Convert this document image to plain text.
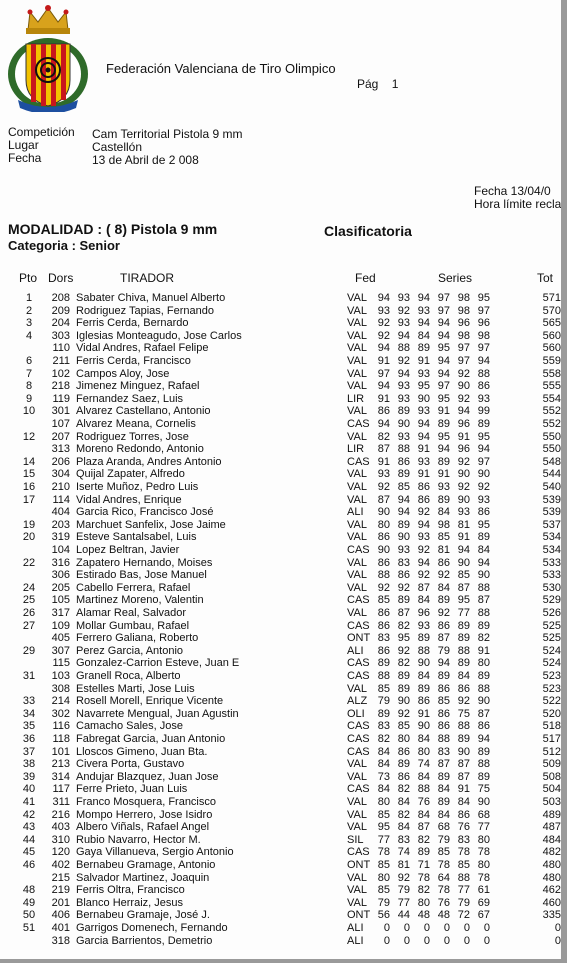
Federación Valenciana de Tiro Olimpico
Pág 1
Competición Cam Territorial Pistola 9 mm
Lugar	Castellón
Fecha	13 de Abril de 2 008
Fecha 13/04/0
Hora límite recla
MODALIDAD : ( 8) Pistola 9 mm	Clasificatoria
Categoria : Senior
Pto Dors	TIRADOR	Fed	Series	Tot
1	208 Sabater Chiva, Manuel Alberto	VAL 94 93 94 97 98 95	571
2	209 Rodriguez Tapias, Fernando	VAL 93 92 93 97 98 97	570
3	204 Ferris Cerda, Bernardo	VAL 92 93 94 94 96 96	565
4	303 Iglesias Monteagudo, Jose Carlos	VAL 92 94 84 94 98 98	560
110 Vidal Andres, Rafael Felipe	VAL 94 88 89 95 97 97	560
6	211 Ferris Cerda, Francisco	VAL 91 92 91 94 97 94	559
7	102 Campos Aloy, Jose	VAL 97 94 93 94 92 88	558
8	218 Jimenez Minguez, Rafael	VAL 94 93 95 97 90 86	555
9	119 Fernandez Saez, Luis	LIR	91 93 90 95 92 93	554
10	301 Alvarez Castellano, Antonio	VAL 86 89 93 91 94 99	552
107 Alvarez Meana, Cornelis	CAS 94 90 94 89 96 89	552
12	207 Rodriguez Torres, Jose	VAL 82 93 94 95 91 95	550
313 Moreno Redondo, Antonio	LIR	87 88 91 94 96 94	550
14	206 Plaza Aranda, Andres Antonio	CAS 91 86 93 89 92 97	548
15	304 Quijal Zapater, Alfredo	VAL 93 89 91 91 90 90	544
16	210 Iserte Muñoz, Pedro Luis	VAL 92 85 86 93 92 92	540
17	114 Vidal Andres, Enrique	VAL 87 94 86 89 90 93	539
404 Garcia Rico, Francisco José	ALI	90 94 92 84 93 86	539
19	203 Marchuet Sanfelix, Jose Jaime	VAL 80 89 94 98 81 95	537
20	319 Esteve Santalsabel, Luis	VAL 86 90 93 85 91 89	534
104 Lopez Beltran, Javier	CAS 90 93 92 81 94 84	534
22	316 Zapatero Hernando, Moises	VAL 86 83 94 86 90 94	533
306 Estirado Bas, Jose Manuel	VAL 88 86 92 92 85 90	533
24	205 Cabello Ferrera, Rafael	VAL 92 92 87 84 87 88	530
25	105 Martinez Moreno, Valentin	CAS 85 89 84 89 95 87	529
26	317 Alamar Real, Salvador	VAL 86 87 96 92 77 88	526
27	109 Mollar Gumbau, Rafael	CAS 86 82 93 86 89 89	525
405 Ferrero Galiana, Roberto	ONT 83 95 89 87 89 82	525
29	307 Perez Garcia, Antonio	ALI	86 92 88 79 88 91	524
115 Gonzalez-Carrion Esteve, Juan E	CAS 89 82 90 94 89 80	524
31	103 Granell Roca, Alberto	CAS 88 89 84 89 84 89	523
308 Estelles Marti, Jose Luis	VAL 85 89 89 86 86 88	523
33	214 Rosell Morell, Enrique Vicente	ALZ 79 90 86 85 92 90	522
34	302 Navarrete Mengual, Juan Agustin	OLI	89 92 91 86 75 87	520
35	116 Camacho Sales, Jose	CAS 83 85 90 86 88 86	518
36	118 Fabregat Garcia, Juan Antonio	CAS 82 80 84 88 89 94	517
37	101 Lloscos Gimeno, Juan Bta.	CAS 84 86 80 83 90 89	512
38	213 Civera Porta, Gustavo	VAL 84 89 74 87 87 88	509
39	314 Andujar Blazquez, Juan Jose	VAL 73 86 84 89 87 89	508
40	117 Ferre Prieto, Juan Luis	CAS 84 82 88 84 91 75	504
41	311 Franco Mosquera, Francisco	VAL 80 84 76 89 84 90	503
42	216 Mompo Herrero, Jose Isidro	VAL 85 82 84 84 86 68	489
43	403 Albero Viñals, Rafael Angel	VAL 95 84 87 68 76 77	487
44	310 Rubio Navarro, Hector M.	SIL	77 83 82 79 83 80	484
45	120 Gaya Villanueva, Sergio Antonio	CAS 78 74 89 85 78 78	482
46	402 Bernabeu Gramage, Antonio	ONT 85 81 71 78 85 80	480
215 Salvador Martinez, Joaquin	VAL 80 92 78 64 88 78	480
48	219 Ferris Oltra, Francisco	VAL 85 79 82 78 77 61	462
49	201 Blanco Herraiz, Jesus	VAL 79 77 80 76 79 69	460
50	406 Bernabeu Gramaje, José J.	ONT 56 44 48 48 72 67	335
51	401 Garrigos Domenech, Fernando	ALI	0	0	0	0	0	0	0
318 Garcia Barrientos, Demetrio	ALI	0	0	0	0	0	0	0
